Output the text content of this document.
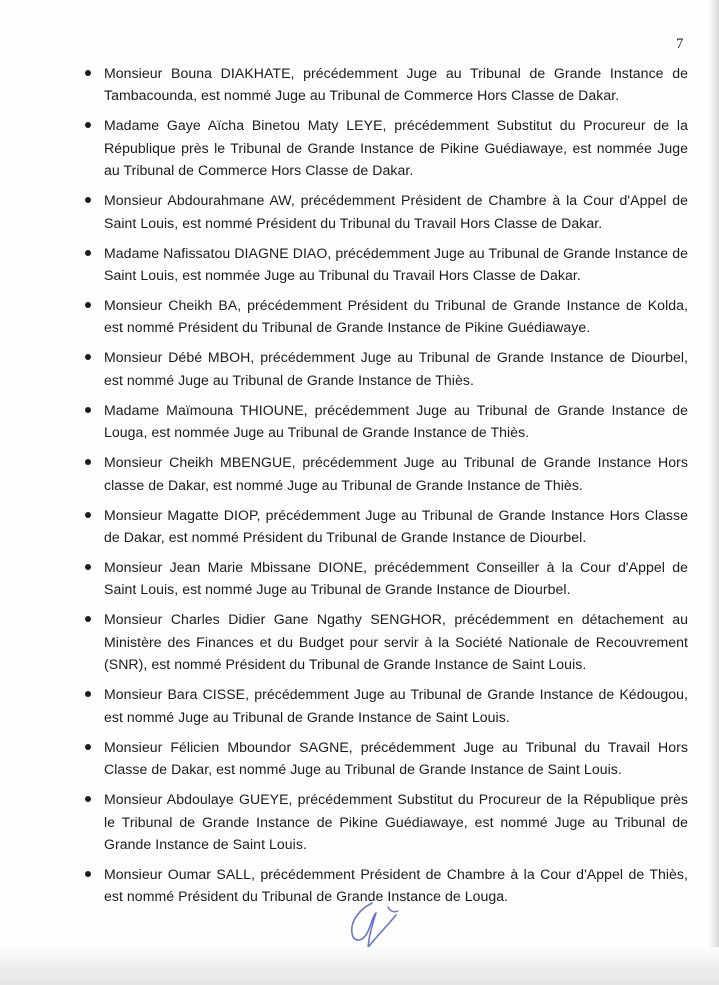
7
Monsieur Bouna DIAKHATE, précédemment Juge au Tribunal de Grande Instance de Tambacounda, est nommé Juge au Tribunal de Commerce Hors Classe de Dakar.
Madame Gaye Aïcha Binetou Maty LEYE, précédemment Substitut du Procureur de la République près le Tribunal de Grande Instance de Pikine Guédiawaye, est nommée Juge au Tribunal de Commerce Hors Classe de Dakar.
Monsieur Abdourahmane AW, précédemment Président de Chambre à la Cour d'Appel de Saint Louis, est nommé Président du Tribunal du Travail Hors Classe de Dakar.
Madame Nafissatou DIAGNE DIAO, précédemment Juge au Tribunal de Grande Instance de Saint Louis, est nommée Juge au Tribunal du Travail Hors Classe de Dakar.
Monsieur Cheikh BA, précédemment Président du Tribunal de Grande Instance de Kolda, est nommé Président du Tribunal de Grande Instance de Pikine Guédiawaye.
Monsieur Débé MBOH, précédemment Juge au Tribunal de Grande Instance de Diourbel, est nommé Juge au Tribunal de Grande Instance de Thiès.
Madame Maïmouna THIOUNE, précédemment Juge au Tribunal de Grande Instance de Louga, est nommée Juge au Tribunal de Grande Instance de Thiès.
Monsieur Cheikh MBENGUE, précédemment Juge au Tribunal de Grande Instance Hors classe de Dakar, est nommé Juge au Tribunal de Grande Instance de Thiès.
Monsieur Magatte DIOP, précédemment Juge au Tribunal de Grande Instance Hors Classe de Dakar, est nommé Président du Tribunal de Grande Instance de Diourbel.
Monsieur Jean Marie Mbissane DIONE, précédemment Conseiller à la Cour d'Appel de Saint Louis, est nommé Juge au Tribunal de Grande Instance de Diourbel.
Monsieur Charles Didier Gane Ngathy SENGHOR, précédemment en détachement au Ministère des Finances et du Budget pour servir à la Société Nationale de Recouvrement (SNR), est nommé Président du Tribunal de Grande Instance de Saint Louis.
Monsieur Bara CISSE, précédemment Juge au Tribunal de Grande Instance de Kédougou, est nommé Juge au Tribunal de Grande Instance de Saint Louis.
Monsieur Félicien Mboundor SAGNE, précédemment Juge au Tribunal du Travail Hors Classe de Dakar, est nommé Juge au Tribunal de Grande Instance de Saint Louis.
Monsieur Abdoulaye GUEYE, précédemment Substitut du Procureur de la République près le Tribunal de Grande Instance de Pikine Guédiawaye, est nommé Juge au Tribunal de Grande Instance de Saint Louis.
Monsieur Oumar SALL, précédemment Président de Chambre à la Cour d'Appel de Thiès, est nommé Président du Tribunal de Grande Instance de Louga.
